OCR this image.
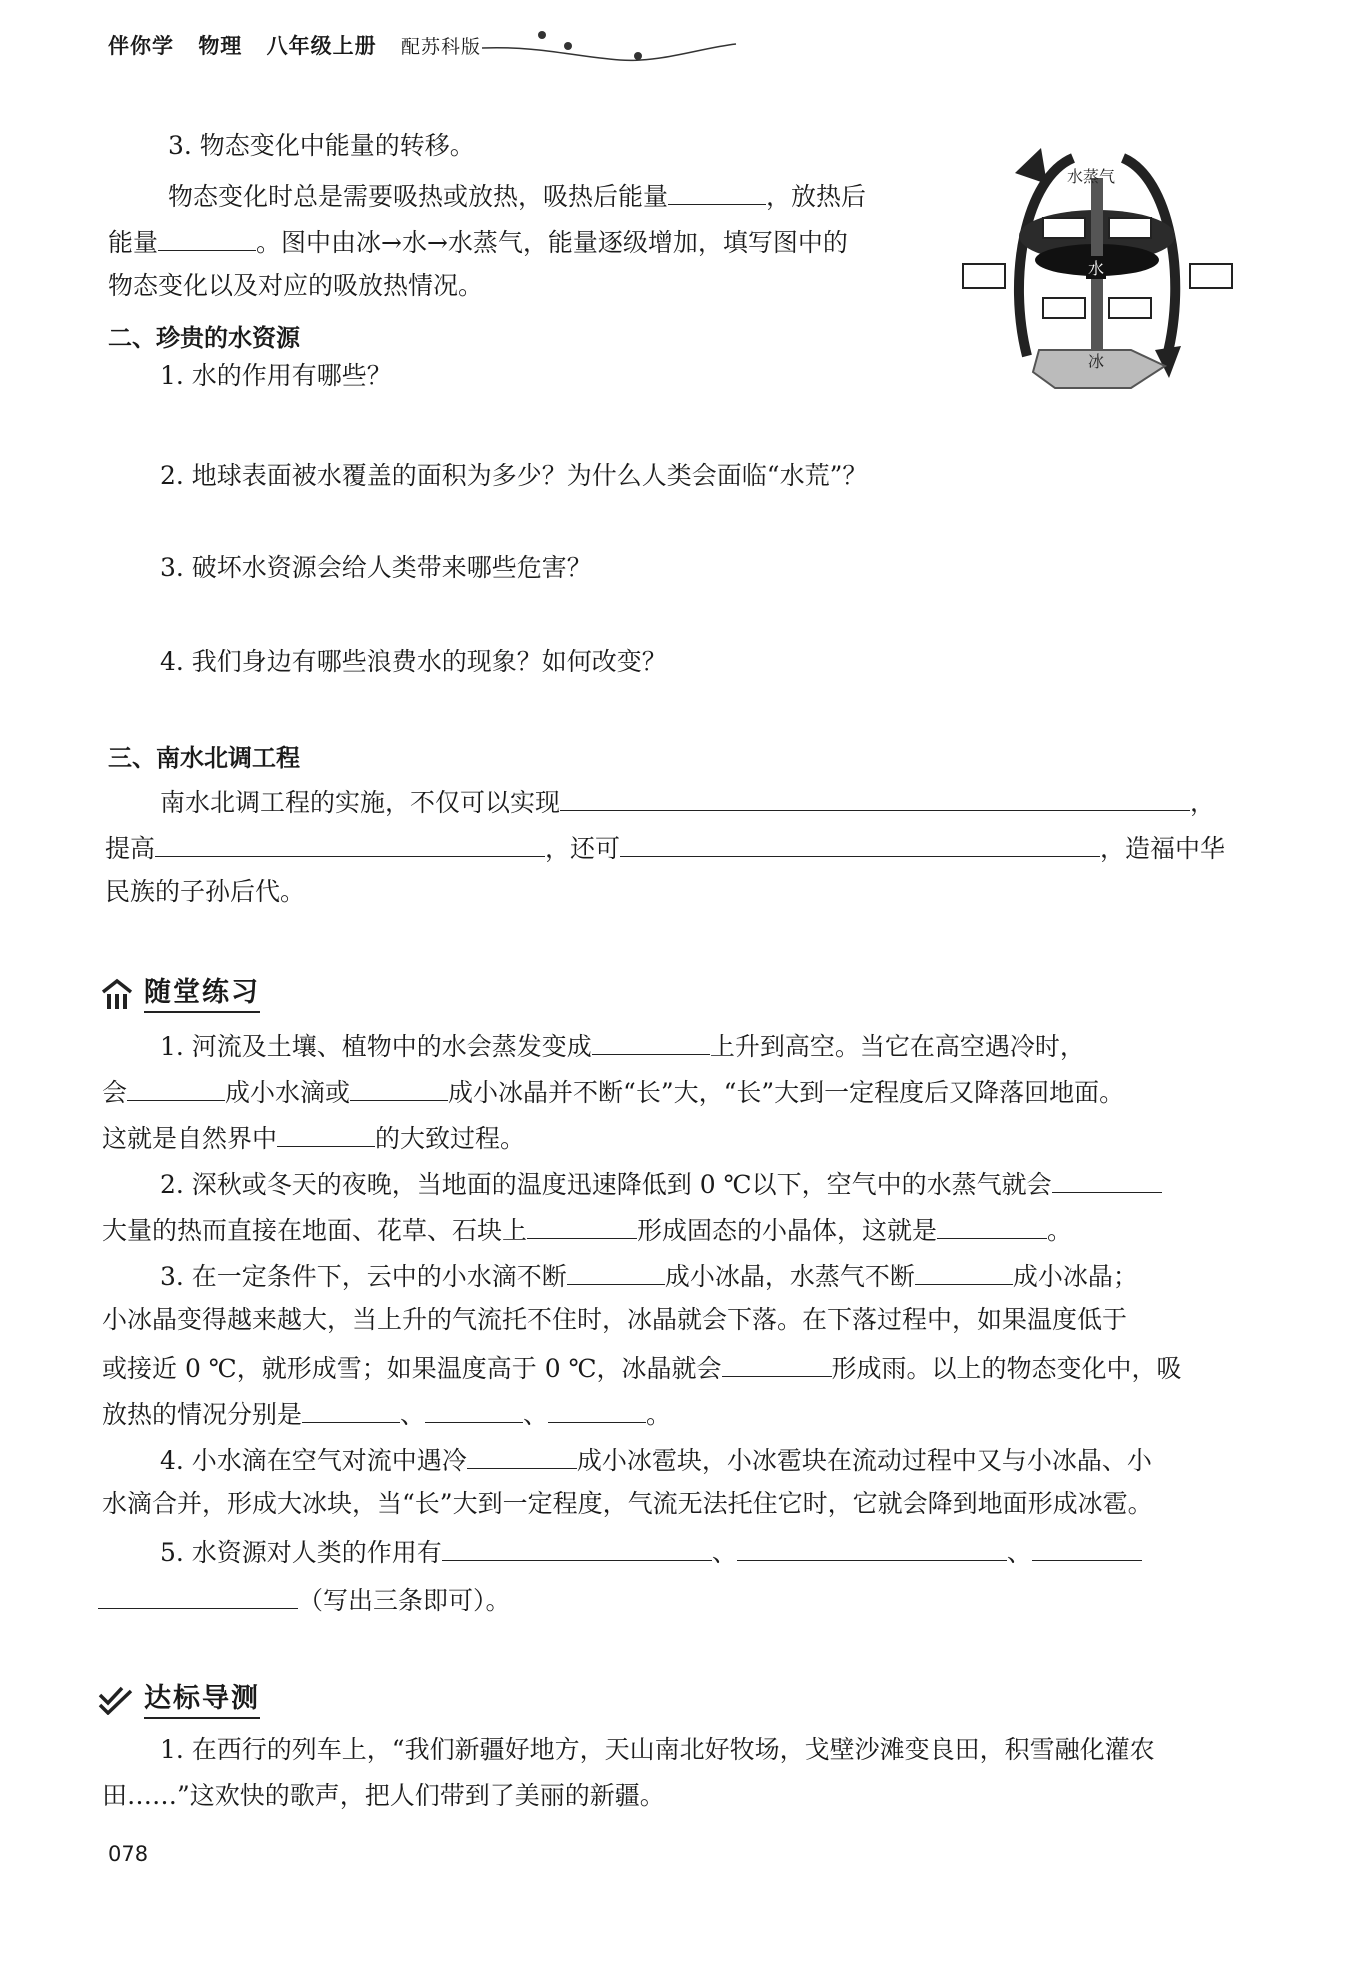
伴你学 物理 八年级上册 配苏科版
3. 物态变化中能量的转移。
物态变化时总是需要吸热或放热，吸热后能量	，放热后
能量	。图中由冰→水→水蒸气，能量逐级增加，填写图中的
物态变化以及对应的吸放热情况。
水蒸气
水
冰
二、珍贵的水资源
1. 水的作用有哪些？
2. 地球表面被水覆盖的面积为多少？为什么人类会面临“水荒”？
3. 破坏水资源会给人类带来哪些危害？
4. 我们身边有哪些浪费水的现象？如何改变？
三、南水北调工程
南水北调工程的实施，不仅可以实现	，
提高	，还可	，造福中华
民族的子孙后代。
随堂练习
1. 河流及土壤、植物中的水会蒸发变成	上升到高空。当它在高空遇冷时，
会	成小水滴或	成小冰晶并不断“长”大，“长”大到一定程度后又降落回地面。
这就是自然界中	的大致过程。
2. 深秋或冬天的夜晚，当地面的温度迅速降低到 0 ℃以下，空气中的水蒸气就会
大量的热而直接在地面、花草、石块上	形成固态的小晶体，这就是	。
3. 在一定条件下，云中的小水滴不断	成小冰晶，水蒸气不断	成小冰晶；
小冰晶变得越来越大，当上升的气流托不住时，冰晶就会下落。在下落过程中，如果温度低于
或接近 0 ℃，就形成雪；如果温度高于 0 ℃，冰晶就会	形成雨。以上的物态变化中，吸
放热的情况分别是	、	、	。
4. 小水滴在空气对流中遇冷	成小冰雹块，小冰雹块在流动过程中又与小冰晶、小
水滴合并，形成大冰块，当“长”大到一定程度，气流无法托住它时，它就会降到地面形成冰雹。
5. 水资源对人类的作用有	、	、
（写出三条即可）。
达标导测
1. 在西行的列车上，“我们新疆好地方，天山南北好牧场，戈壁沙滩变良田，积雪融化灌农
田……”这欢快的歌声，把人们带到了美丽的新疆。
078
